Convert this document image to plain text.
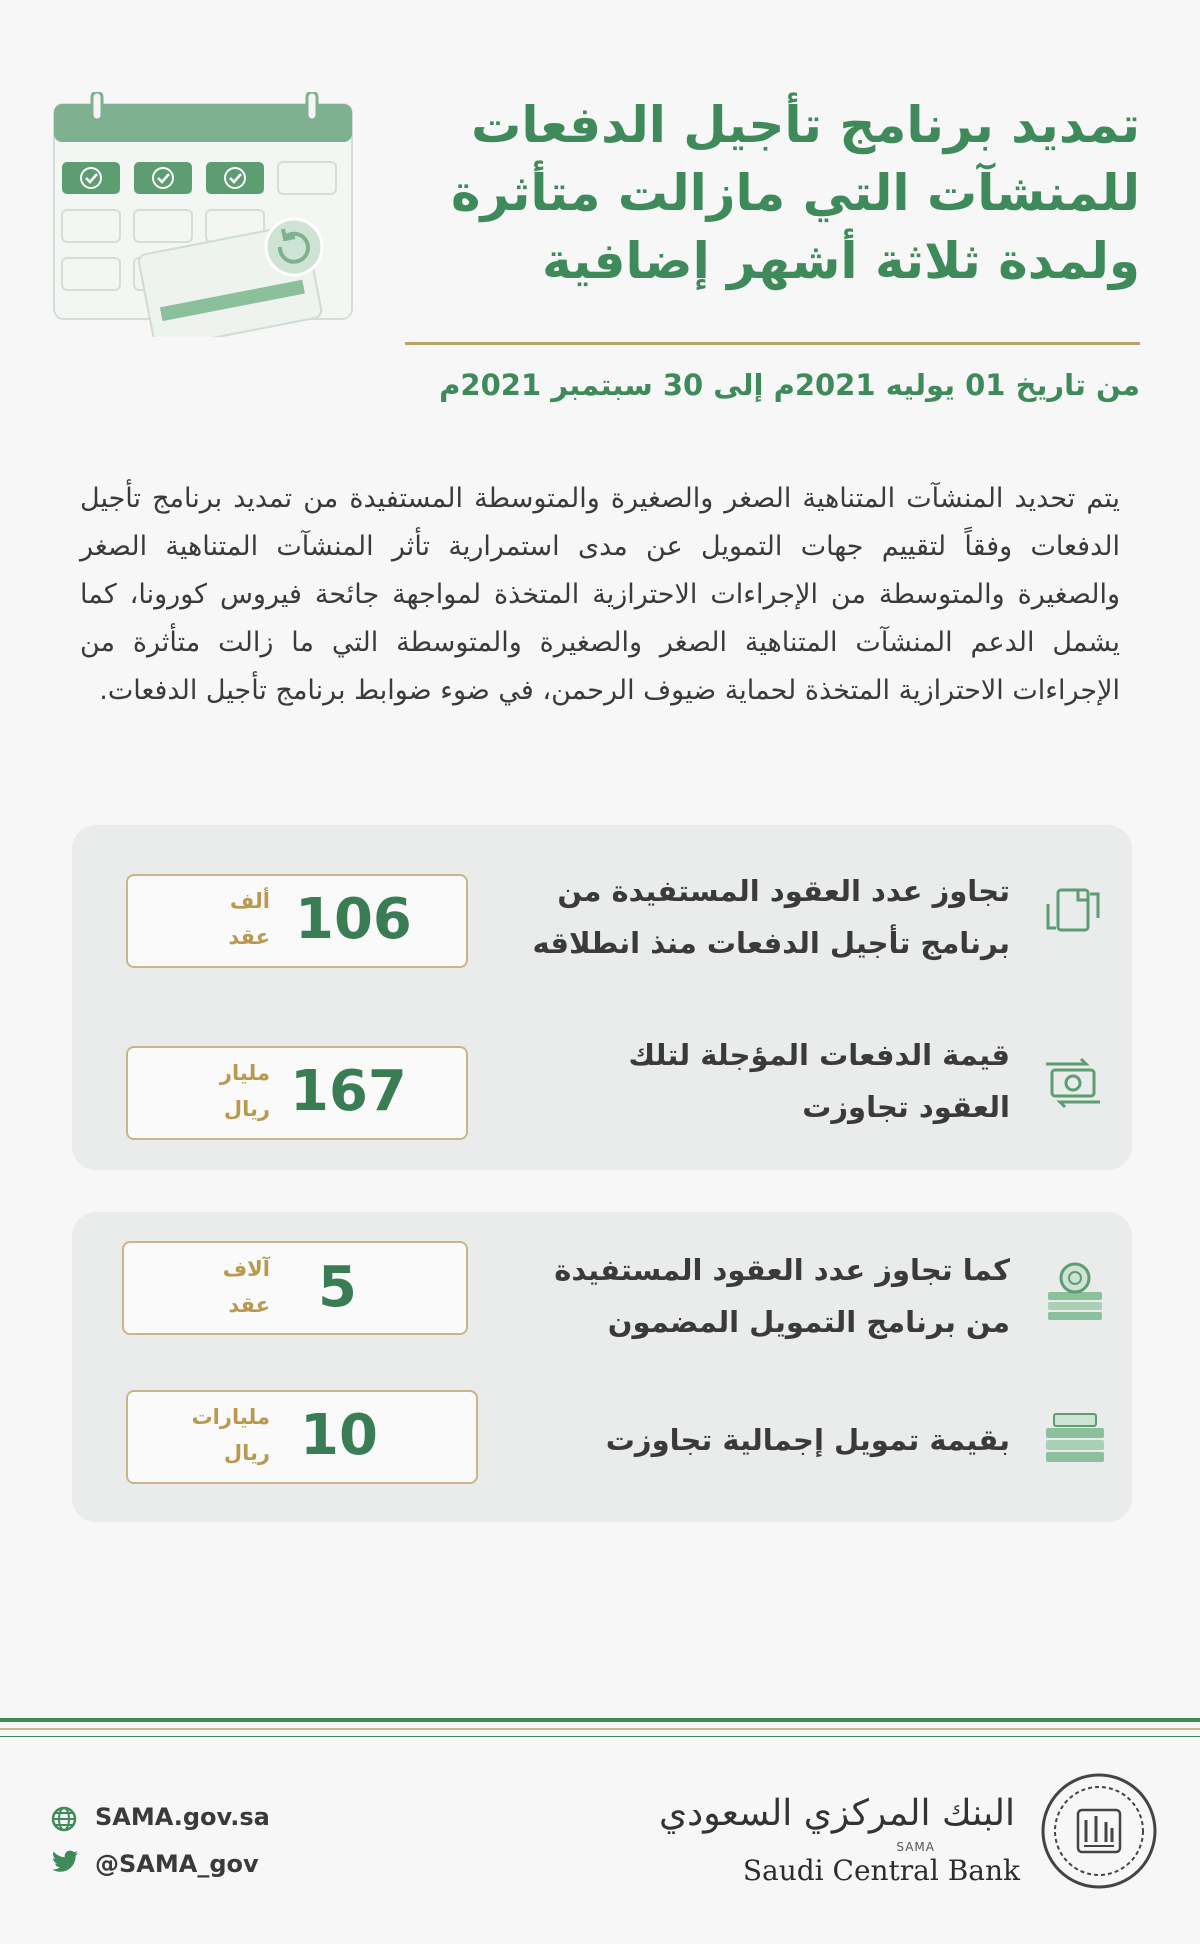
تمديد برنامج تأجيل الدفعات
للمنشآت التي مازالت متأثرة
ولمدة ثلاثة أشهر إضافية
من تاريخ 01 يوليه 2021م إلى 30 سبتمبر 2021م
يتم تحديد المنشآت المتناهية الصغر والصغيرة والمتوسطة المستفيدة من تمديد برنامج تأجيل الدفعات وفقاً لتقييم جهات التمويل عن مدى استمرارية تأثر المنشآت المتناهية الصغر والصغيرة والمتوسطة من الإجراءات الاحترازية المتخذة لمواجهة جائحة فيروس كورونا، كما يشمل الدعم المنشآت المتناهية الصغر والصغيرة والمتوسطة التي ما زالت متأثرة من الإجراءات الاحترازية المتخذة لحماية ضيوف الرحمن، في ضوء ضوابط برنامج تأجيل الدفعات.
تجاوز عدد العقود المستفيدة من
برنامج تأجيل الدفعات منذ انطلاقه
106
ألف
عقد
قيمة الدفعات المؤجلة لتلك
العقود تجاوزت
167
مليار
ريال
كما تجاوز عدد العقود المستفيدة
من برنامج التمويل المضمون
5
آلاف
عقد
بقيمة تمويل إجمالية تجاوزت
10
مليارات
ريال
SAMA.gov.sa
@SAMA_gov
البنك المركزي السعودي
SAMA
Saudi Central Bank
